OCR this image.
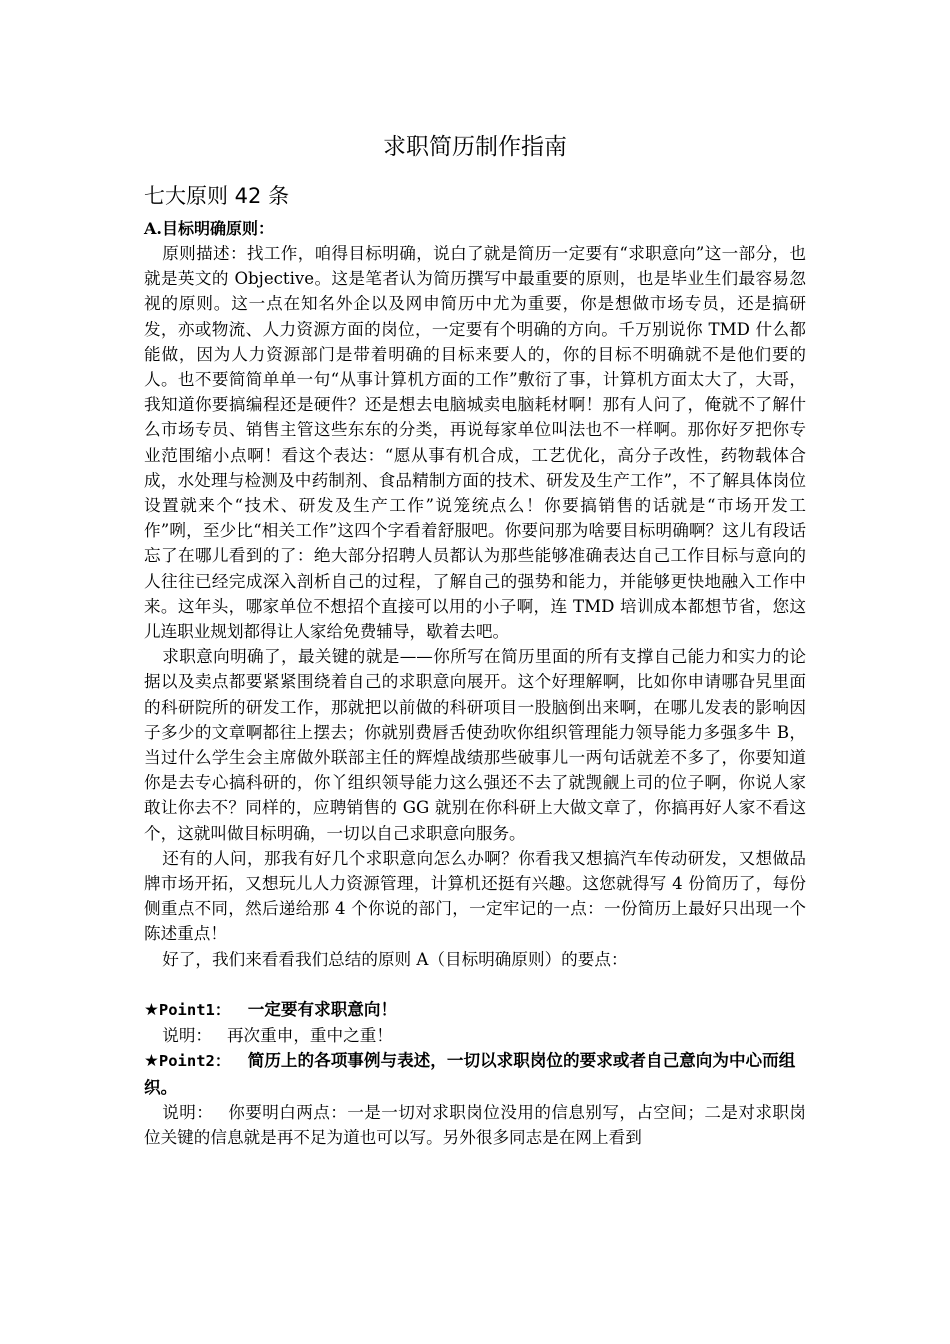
求职简历制作指南
七大原则 42 条
A.目标明确原则：

原则描述：找工作，咱得目标明确，说白了就是简历一定要有“求职意向”这一部分，也就是英文的 Objective。这是笔者认为简历撰写中最重要的原则，也是毕业生们最容易忽视的原则。这一点在知名外企以及网申简历中尤为重要，你是想做市场专员，还是搞研发，亦或物流、人力资源方面的岗位，一定要有个明确的方向。千万别说你 TMD 什么都能做，因为人力资源部门是带着明确的目标来要人的，你的目标不明确就不是他们要的人。也不要简简单单一句“从事计算机方面的工作”敷衍了事，计算机方面太大了，大哥，我知道你要搞编程还是硬件？还是想去电脑城卖电脑耗材啊！那有人问了，俺就不了解什么市场专员、销售主管这些东东的分类，再说每家单位叫法也不一样啊。那你好歹把你专业范围缩小点啊！看这个表达：“愿从事有机合成，工艺优化，高分子改性，药物载体合成，水处理与检测及中药制剂、食品精制方面的技术、研发及生产工作”，不了解具体岗位设置就来个“技术、研发及生产工作”说笼统点么！你要搞销售的话就是“市场开发工作”咧，至少比“相关工作”这四个字看着舒服吧。你要问那为啥要目标明确啊？这儿有段话忘了在哪儿看到的了：绝大部分招聘人员都认为那些能够准确表达自己工作目标与意向的人往往已经完成深入剖析自己的过程，了解自己的强势和能力，并能够更快地融入工作中来。这年头，哪家单位不想招个直接可以用的小子啊，连 TMD 培训成本都想节省，您这儿连职业规划都得让人家给免费辅导，歇着去吧。

求职意向明确了，最关键的就是——你所写在简历里面的所有支撑自己能力和实力的论据以及卖点都要紧紧围绕着自己的求职意向展开。这个好理解啊，比如你申请哪旮旯里面的科研院所的研发工作，那就把以前做的科研项目一股脑倒出来啊，在哪儿发表的影响因子多少的文章啊都往上摆去；你就别费唇舌使劲吹你组织管理能力领导能力多强多牛 B，当过什么学生会主席做外联部主任的辉煌战绩那些破事儿一两句话就差不多了，你要知道你是去专心搞科研的，你丫组织领导能力这么强还不去了就觊觎上司的位子啊，你说人家敢让你去不？同样的，应聘销售的 GG 就别在你科研上大做文章了，你搞再好人家不看这个，这就叫做目标明确，一切以自己求职意向服务。

还有的人问，那我有好几个求职意向怎么办啊？你看我又想搞汽车传动研发，又想做品牌市场开拓，又想玩儿人力资源管理，计算机还挺有兴趣。这您就得写 4 份简历了，每份侧重点不同，然后递给那 4 个你说的部门，一定牢记的一点：一份简历上最好只出现一个陈述重点！

好了，我们来看看我们总结的原则 A（目标明确原则）的要点：

★Point1： 一定要有求职意向！
说明： 再次重申，重中之重！
★Point2： 简历上的各项事例与表述，一切以求职岗位的要求或者自己意向为中心而组织。
说明： 你要明白两点：一是一切对求职岗位没用的信息别写，占空间；二是对求职岗位关键的信息就是再不足为道也可以写。另外很多同志是在网上看到
